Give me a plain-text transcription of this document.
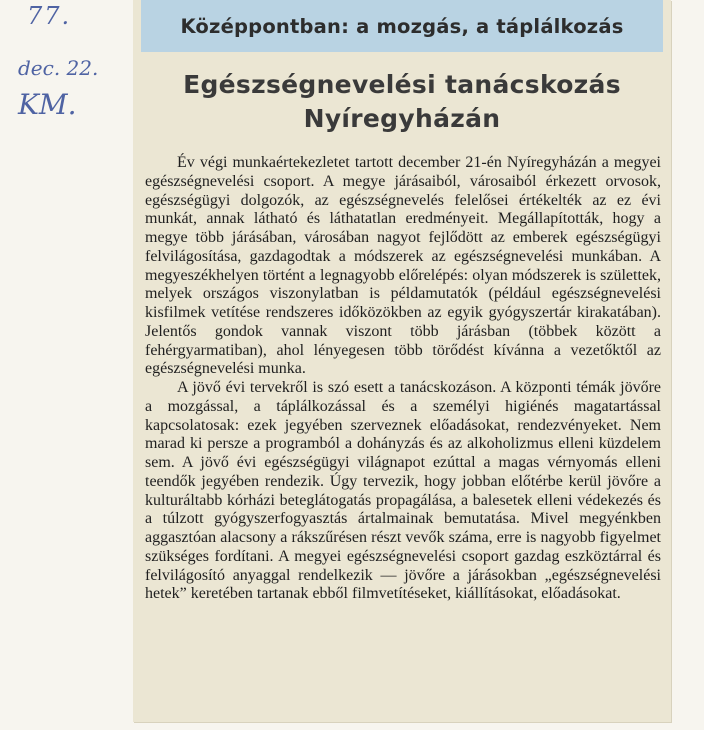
77.
dec. 22.
KM.
Középpontban: a mozgás, a táplálkozás
Egészségnevelési tanácskozás
Nyíregyházán

Év végi munkaértekezletet tartott december 21-én Nyíregyházán a megyei egészségnevelési csoport. A megye járásaiból, városaiból érkezett orvosok, egészségügyi dolgozók, az egészségnevelés felelősei értékelték az ez évi munkát, annak látható és láthatatlan eredményeit. Megállapították, hogy a megye több járásában, városában nagyot fejlődött az emberek egészségügyi felvilágosítása, gazdagodtak a módszerek az egészségnevelési munkában. A megyeszékhelyen történt a legnagyobb előrelépés: olyan módszerek is születtek, melyek országos viszonylatban is példamutatók (például egészségnevelési kisfilmek vetítése rendszeres időközökben az egyik gyógyszertár kirakatában). Jelentős gondok vannak viszont több járásban (többek között a fehérgyarmatiban), ahol lényegesen több törődést kívánna a vezetőktől az egészségnevelési munka.

A jövő évi tervekről is szó esett a tanácskozáson. A központi témák jövőre a mozgással, a táplálkozással és a személyi higiénés magatartással kapcsolatosak: ezek jegyében szerveznek előadásokat, rendezvényeket. Nem marad ki persze a programból a dohányzás és az alkoholizmus elleni küzdelem sem. A jövő évi egészségügyi világnapot ezúttal a magas vérnyomás elleni teendők jegyében rendezik. Úgy tervezik, hogy jobban előtérbe kerül jövőre a kulturáltabb kórházi beteglátogatás propagálása, a balesetek elleni védekezés és a túlzott gyógyszerfogyasztás ártalmainak bemutatása. Mivel megyénkben aggasztóan alacsony a rákszűrésen részt vevők száma, erre is nagyobb figyelmet szükséges fordítani. A megyei egészségnevelési csoport gazdag eszköztárral és felvilágosító anyaggal rendelkezik — jövőre a járásokban „egészségnevelési hetek” keretében tartanak ebből filmvetítéseket, kiállításokat, előadásokat.
